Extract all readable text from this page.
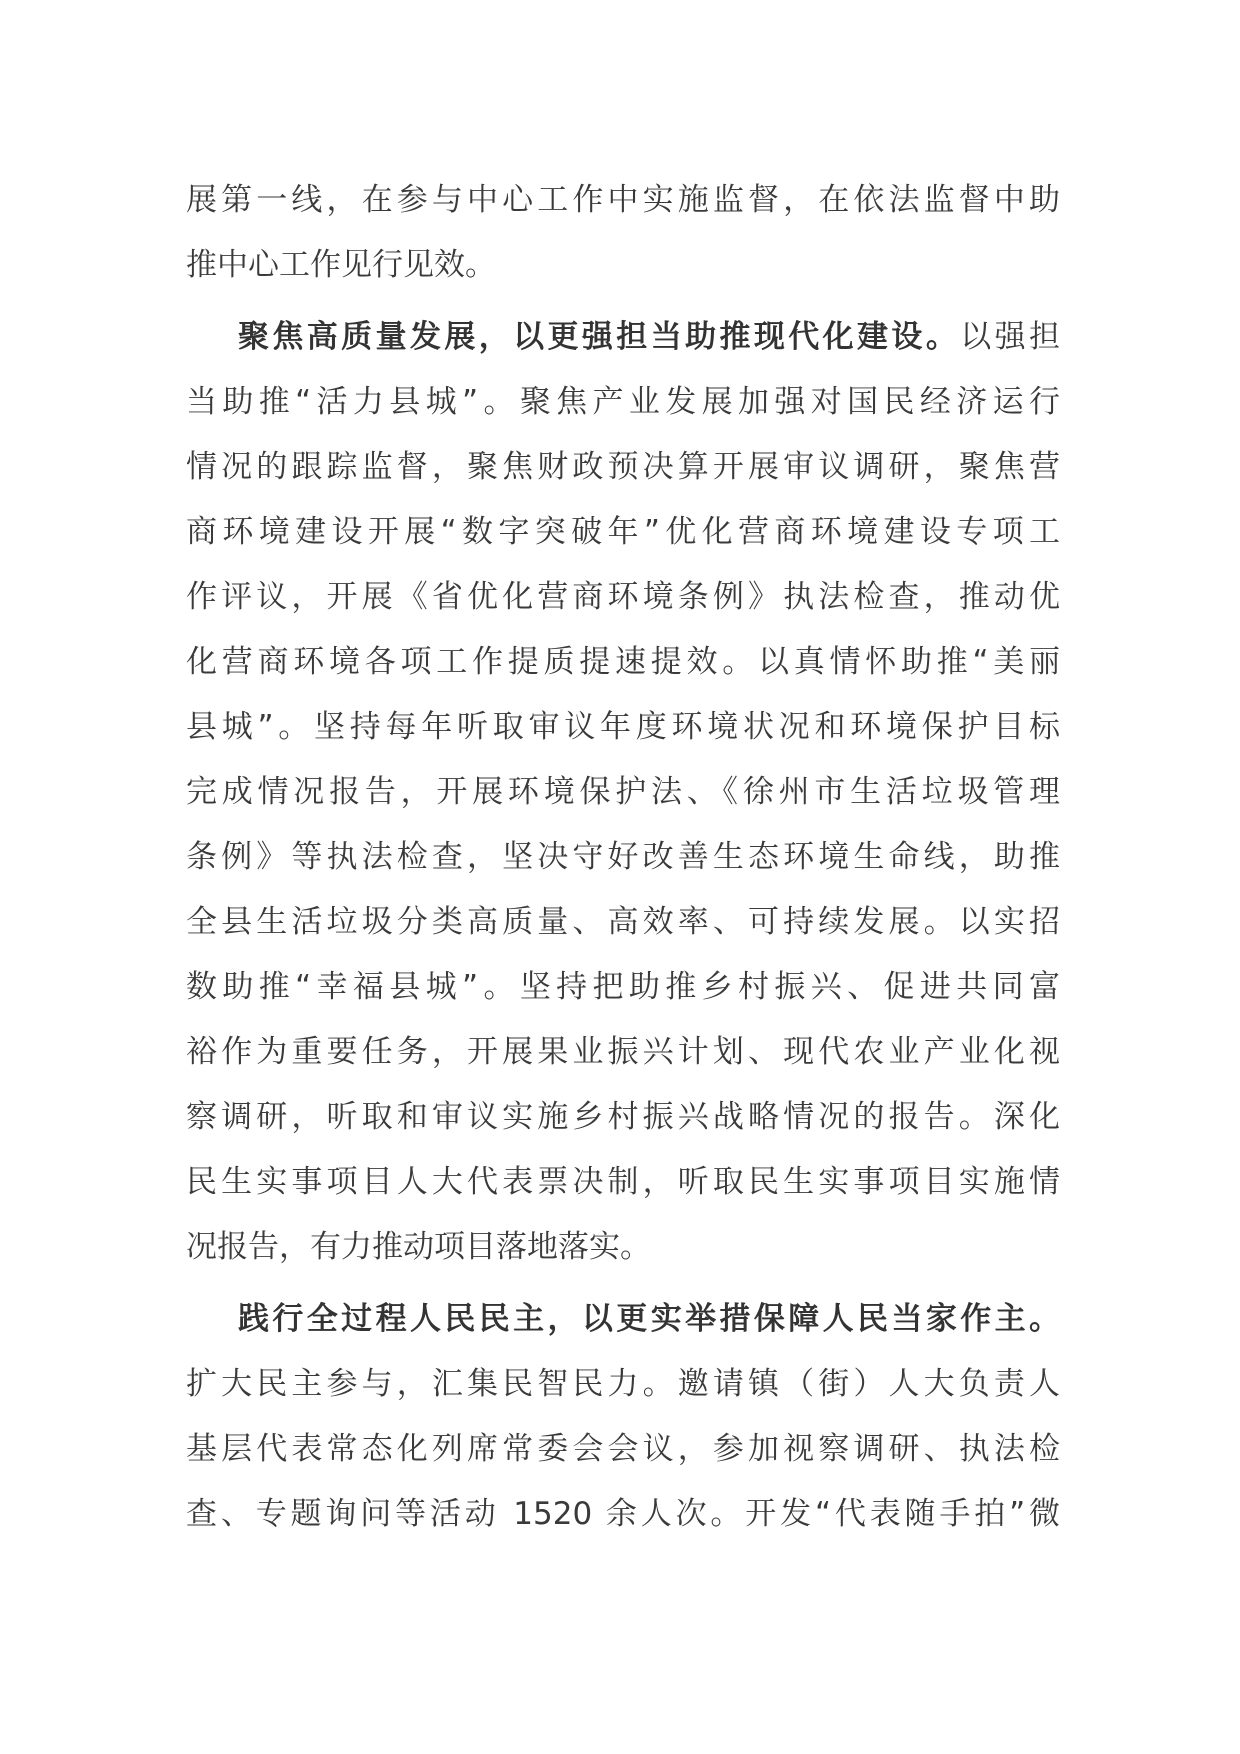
展第一线，在参与中心工作中实施监督，在依法监督中助
推中心工作见行见效。
聚焦高质量发展，以更强担当助推现代化建设。以强担
当助推“活力县城”。聚焦产业发展加强对国民经济运行
情况的跟踪监督，聚焦财政预决算开展审议调研，聚焦营
商环境建设开展“数字突破年”优化营商环境建设专项工
作评议，开展《省优化营商环境条例》执法检查，推动优
化营商环境各项工作提质提速提效。以真情怀助推“美丽
县城”。坚持每年听取审议年度环境状况和环境保护目标
完成情况报告，开展环境保护法、《徐州市生活垃圾管理
条例》等执法检查，坚决守好改善生态环境生命线，助推
全县生活垃圾分类高质量、高效率、可持续发展。以实招
数助推“幸福县城”。坚持把助推乡村振兴、促进共同富
裕作为重要任务，开展果业振兴计划、现代农业产业化视
察调研，听取和审议实施乡村振兴战略情况的报告。深化
民生实事项目人大代表票决制，听取民生实事项目实施情
况报告，有力推动项目落地落实。
践行全过程人民民主，以更实举措保障人民当家作主。
扩大民主参与，汇集民智民力。邀请镇（街）人大负责人
基层代表常态化列席常委会会议，参加视察调研、执法检
查、专题询问等活动 1520 余人次。开发“代表随手拍”微
